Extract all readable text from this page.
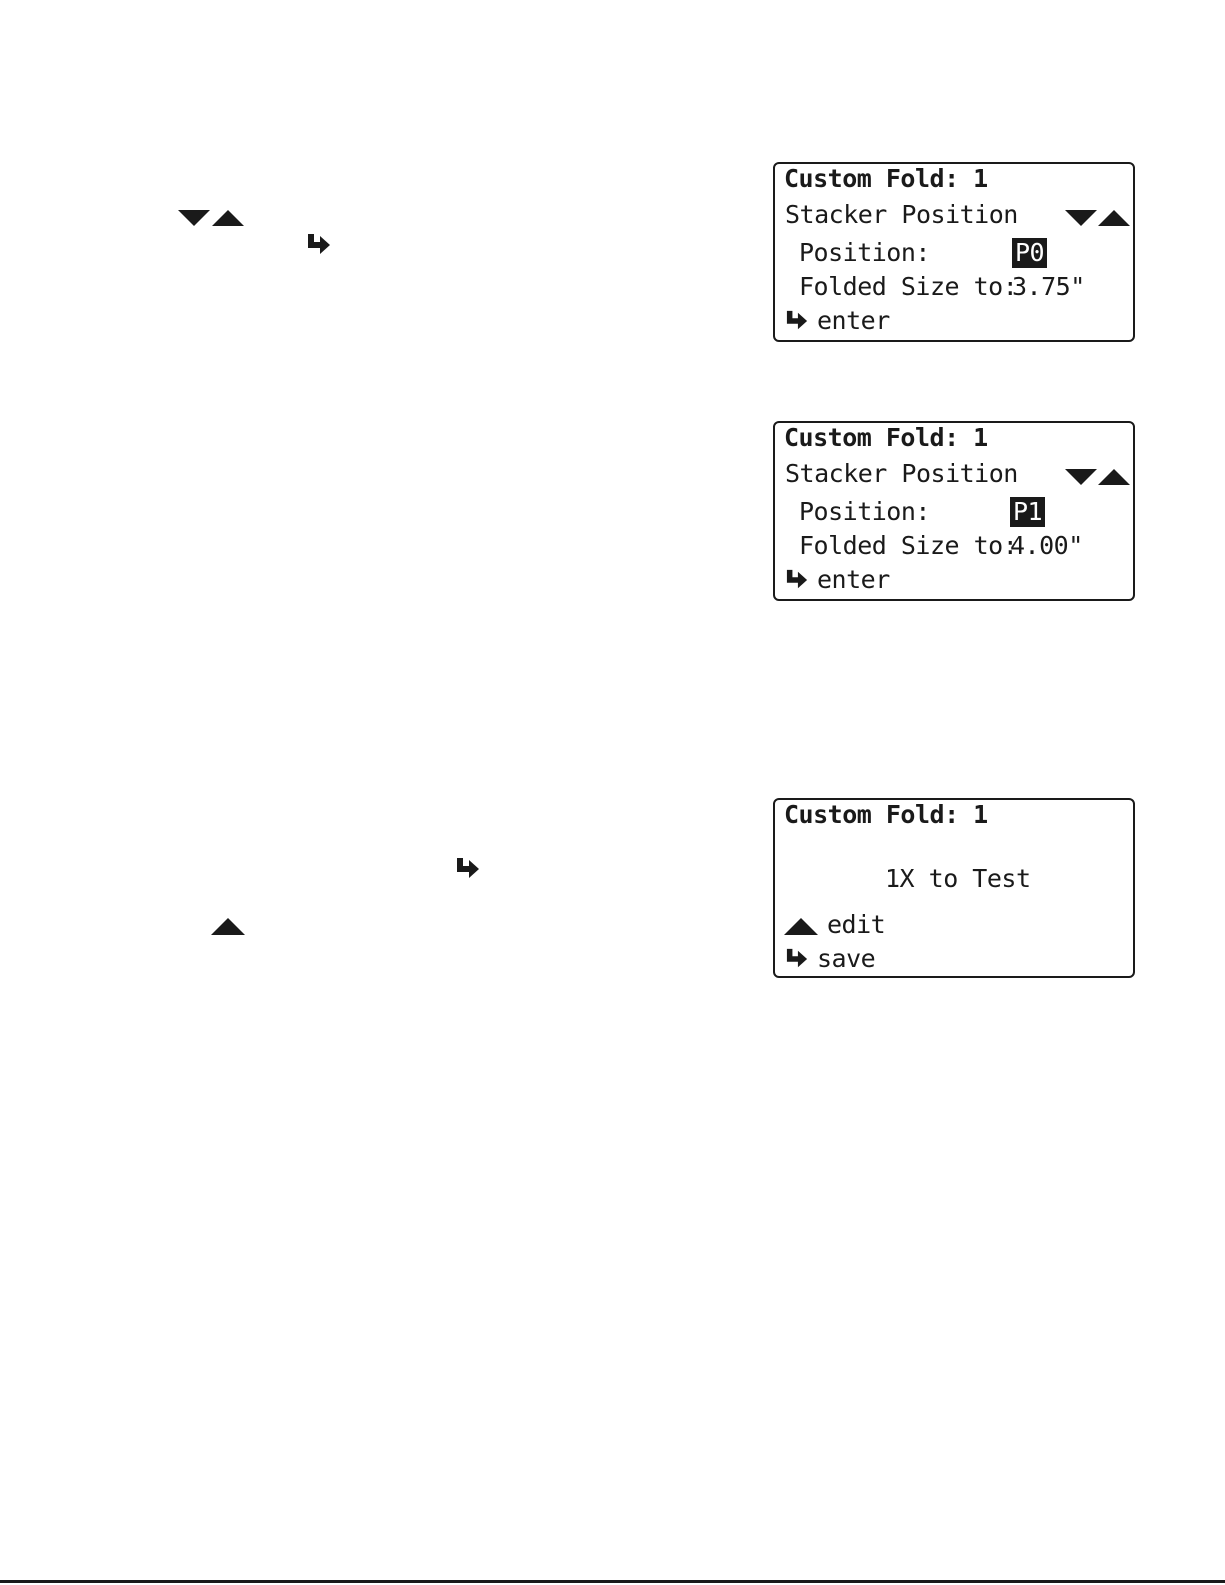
Custom Fold: 1
Stacker Position
Position:	P0
Folded Size to:
3.75"
enter
Custom Fold: 1
Stacker Position
Position:	P1
Folded Size to:
4.00"
enter
Custom Fold: 1
1X to Test
edit
save
